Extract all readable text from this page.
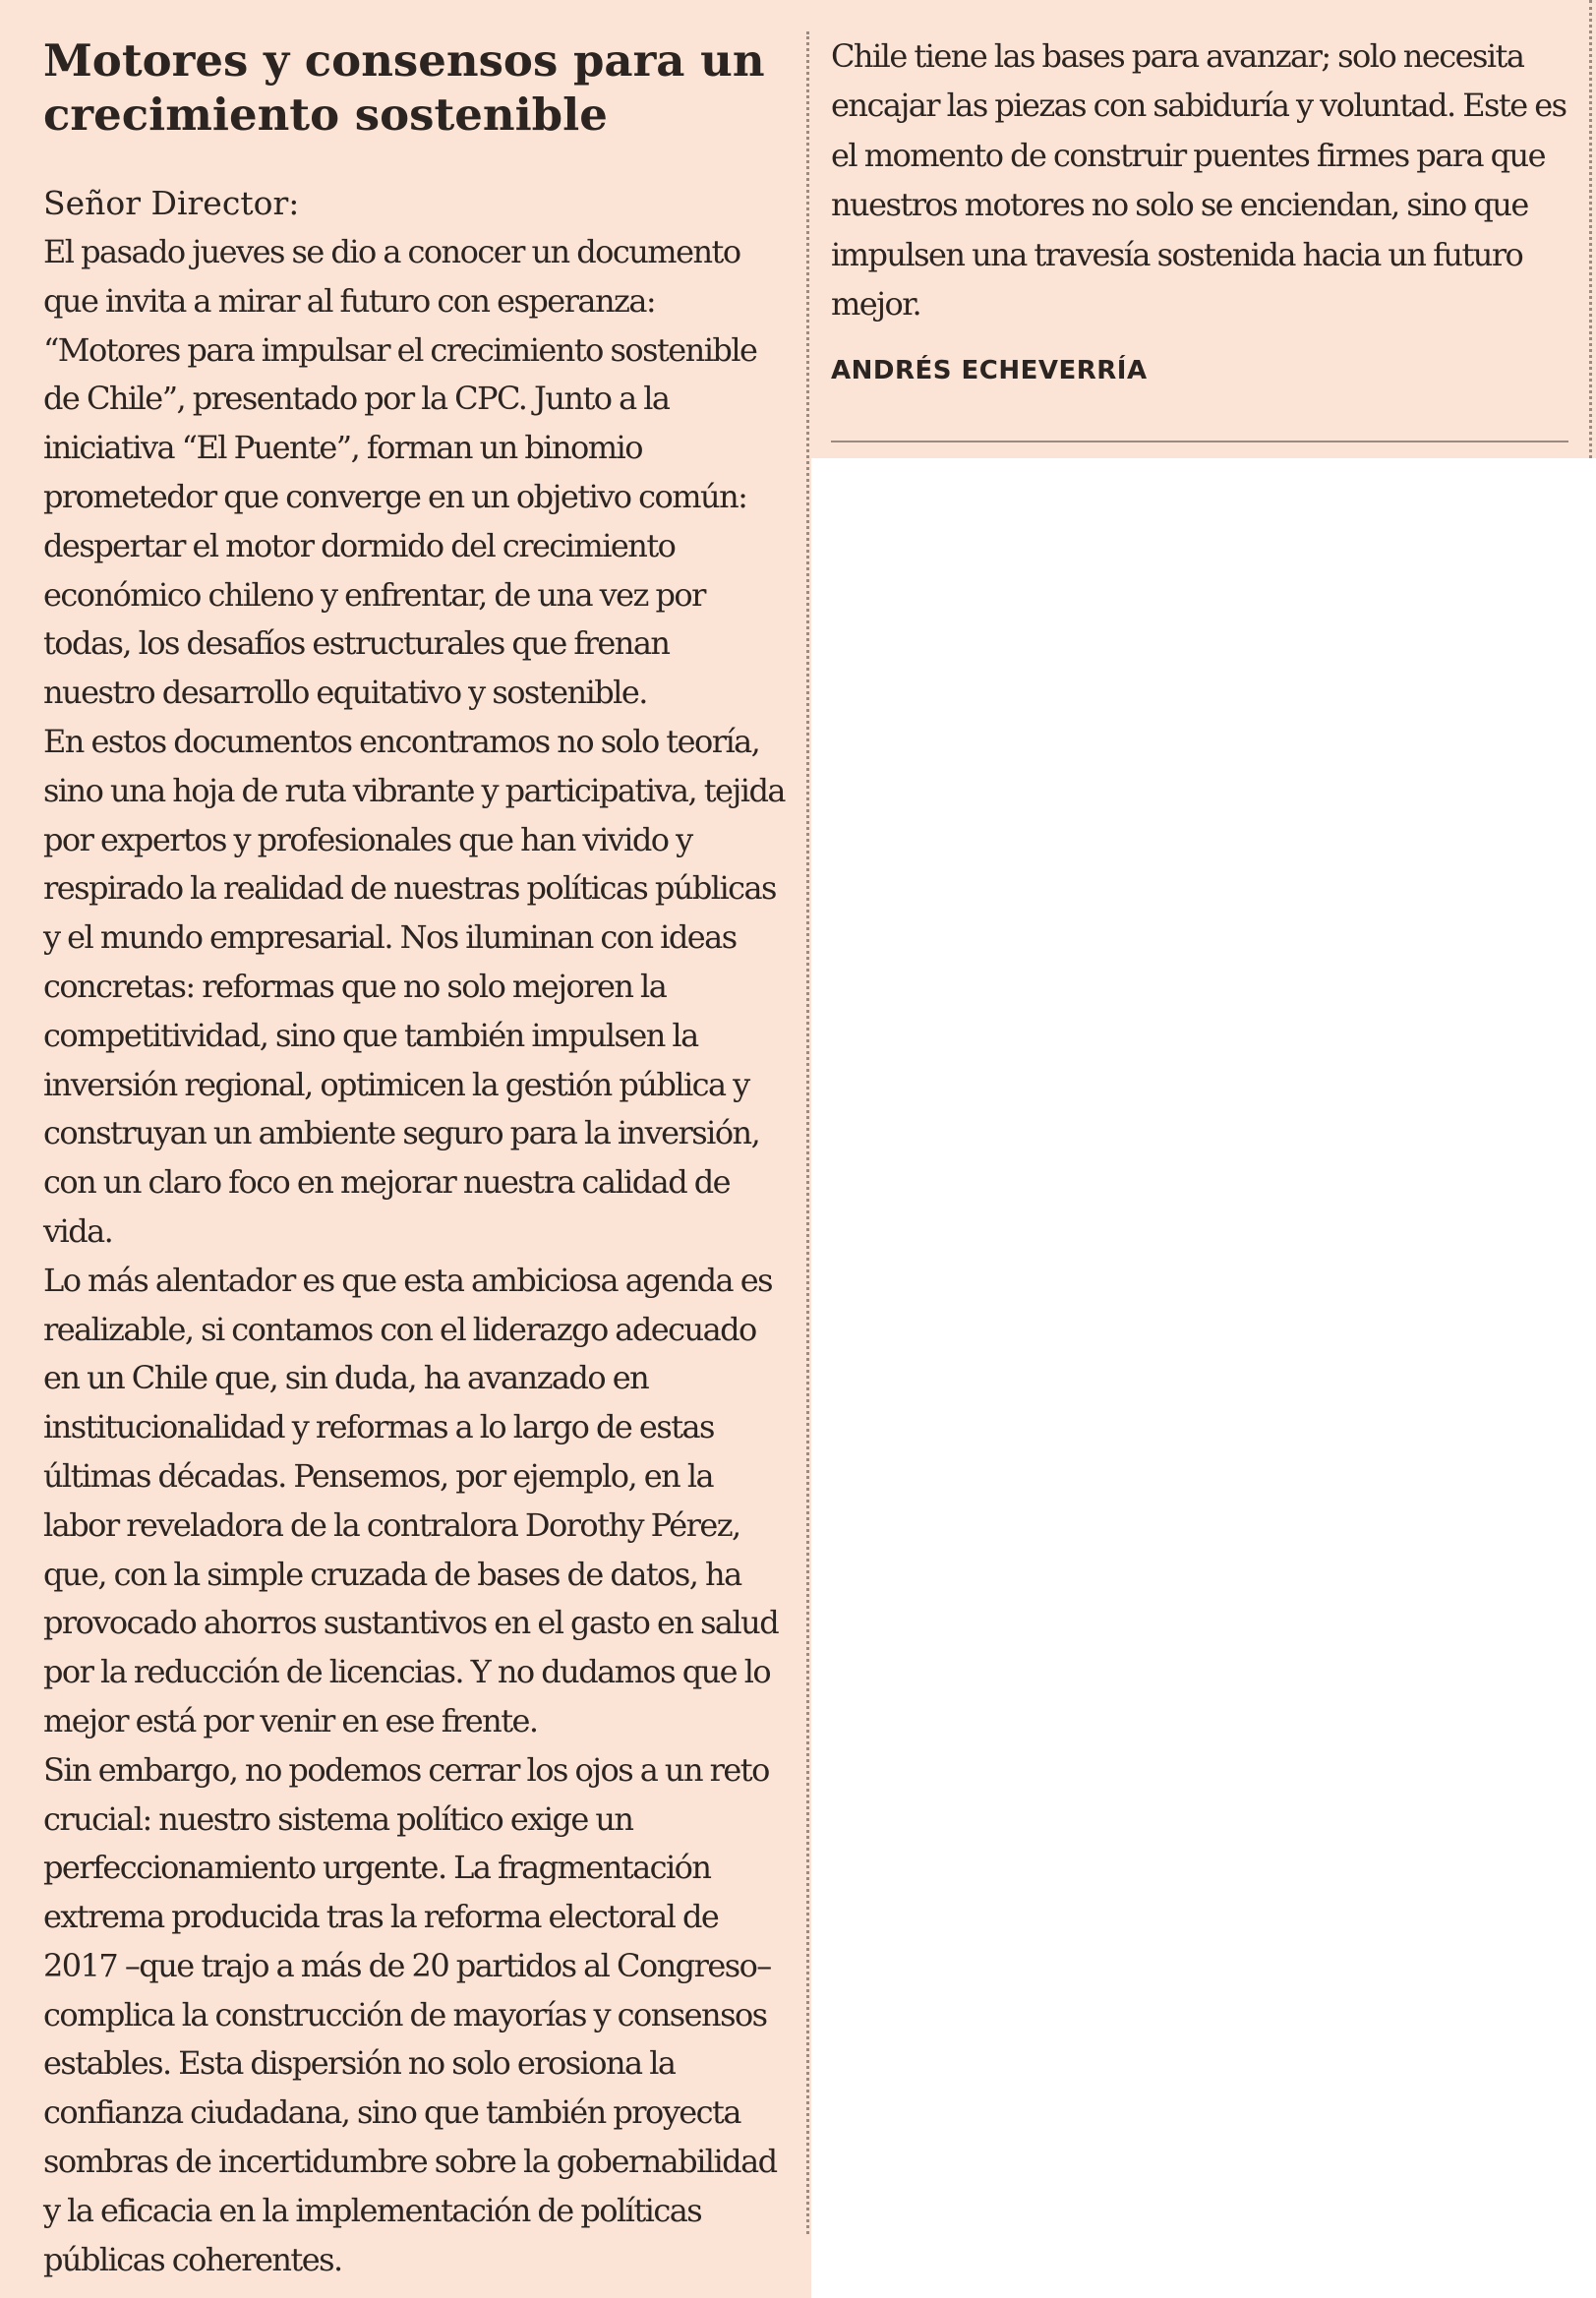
Motores y consensos para un crecimiento sostenible

Señor Director:

El pasado jueves se dio a conocer un documento que invita a mirar al futuro con esperanza: “Motores para impulsar el crecimiento sostenible de Chile”, presentado por la CPC. Junto a la iniciativa “El Puente”, forman un binomio prometedor que converge en un objetivo común: despertar el motor dormido del crecimiento económico chileno y enfrentar, de una vez por todas, los desafíos estructurales que frenan nuestro desarrollo equitativo y sostenible.

En estos documentos encontramos no solo teoría, sino una hoja de ruta vibrante y participativa, tejida por expertos y profesionales que han vivido y respirado la realidad de nuestras políticas públicas y el mundo empresarial. Nos iluminan con ideas concretas: reformas que no solo mejoren la competitividad, sino que también impulsen la inversión regional, optimicen la gestión pública y construyan un ambiente seguro para la inversión, con un claro foco en mejorar nuestra calidad de vida.

Lo más alentador es que esta ambiciosa agenda es realizable, si contamos con el liderazgo adecuado en un Chile que, sin duda, ha avanzado en institucionalidad y reformas a lo largo de estas últimas décadas. Pensemos, por ejemplo, en la labor reveladora de la contralora Dorothy Pérez, que, con la simple cruzada de bases de datos, ha provocado ahorros sustantivos en el gasto en salud por la reducción de licencias. Y no dudamos que lo mejor está por venir en ese frente.

Sin embargo, no podemos cerrar los ojos a un reto crucial: nuestro sistema político exige un perfeccionamiento urgente. La fragmentación extrema producida tras la reforma electoral de 2017 –que trajo a más de 20 partidos al Congreso– complica la construcción de mayorías y consensos estables. Esta dispersión no solo erosiona la confianza ciudadana, sino que también proyecta sombras de incertidumbre sobre la gobernabilidad y la eficacia en la implementación de políticas públicas coherentes.

Chile tiene las bases para avanzar; solo necesita encajar las piezas con sabiduría y voluntad. Este es el momento de construir puentes firmes para que nuestros motores no solo se enciendan, sino que impulsen una travesía sostenida hacia un futuro mejor.

ANDRÉS ECHEVERRÍA
